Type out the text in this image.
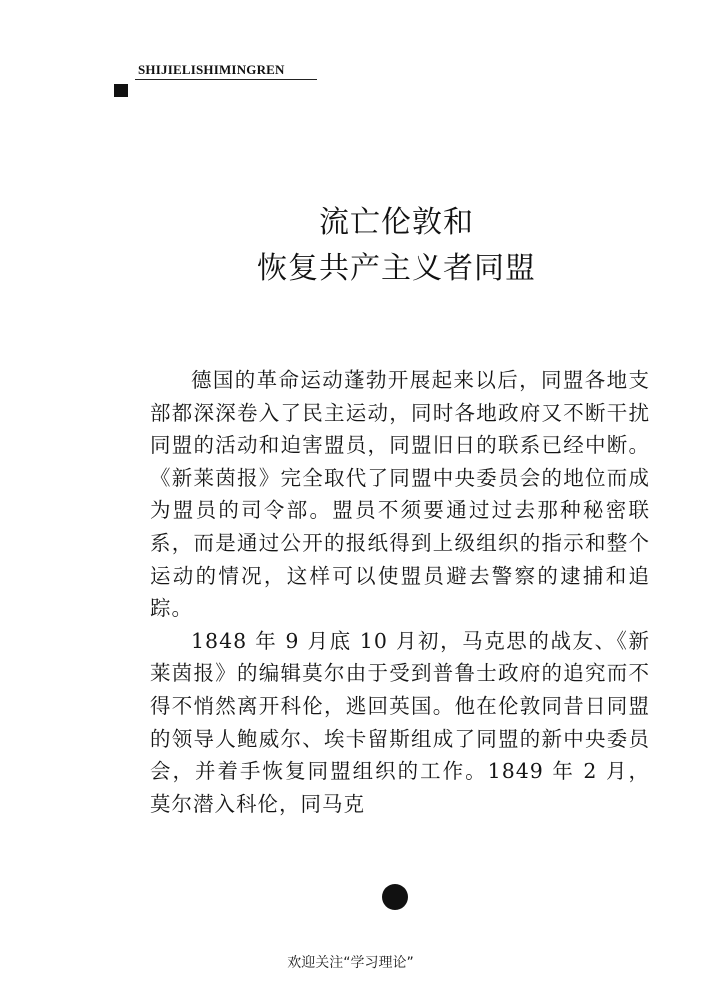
SHIJIELISHIMINGREN
流亡伦敦和
恢复共产主义者同盟

德国的革命运动蓬勃开展起来以后，同盟各地支部都深深卷入了民主运动，同时各地政府又不断干扰同盟的活动和迫害盟员，同盟旧日的联系已经中断。《新莱茵报》完全取代了同盟中央委员会的地位而成为盟员的司令部。盟员不须要通过过去那种秘密联系，而是通过公开的报纸得到上级组织的指示和整个运动的情况，这样可以使盟员避去警察的逮捕和追踪。

1848 年 9 月底 10 月初，马克思的战友、《新莱茵报》的编辑莫尔由于受到普鲁士政府的追究而不得不悄然离开科伦，逃回英国。他在伦敦同昔日同盟的领导人鲍威尔、埃卡留斯组成了同盟的新中央委员会，并着手恢复同盟组织的工作。1849 年 2 月，莫尔潜入科伦，同马克

欢迎关注“学习理论”
